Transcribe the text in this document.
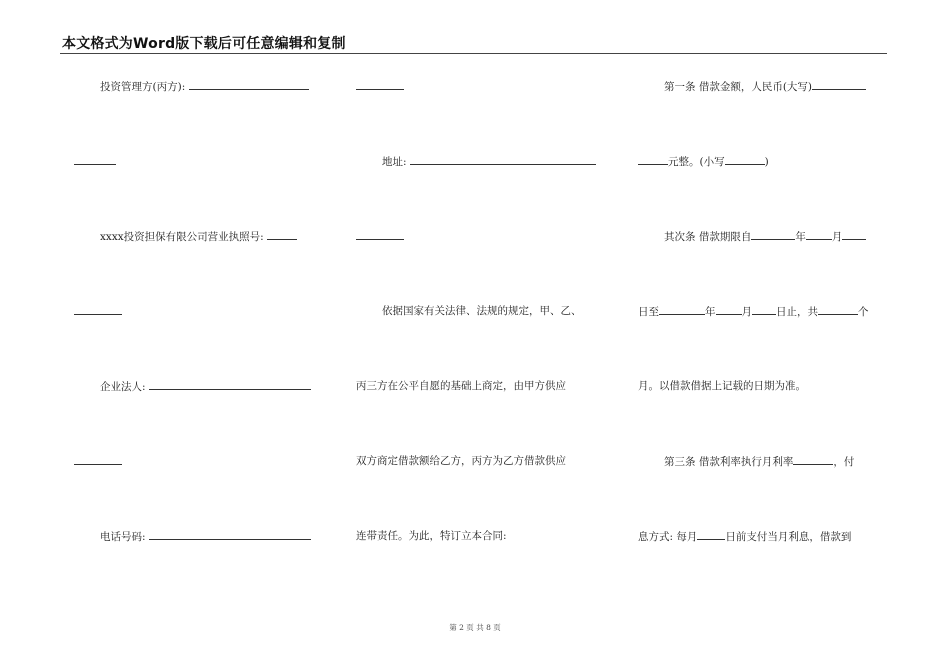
本文格式为Word版下载后可任意编辑和复制
投资管理方(丙方):
xxxx投资担保有限公司营业执照号:
企业法人:
电话号码:
地址:
依据国家有关法律、法规的规定，甲、乙、
丙三方在公平自愿的基础上商定，由甲方供应
双方商定借款额给乙方，丙方为乙方借款供应
连带责任。为此，特订立本合同:
第一条 借款金额，人民币(大写)
元整。(小写	)
其次条 借款期限自	年 月
日至	年 月 日止，共	个
月。以借款借据上记载的日期为准。
第三条 借款利率执行月利率	，付
息方式: 每月	日前支付当月利息，借款到
第 2 页 共 8 页
